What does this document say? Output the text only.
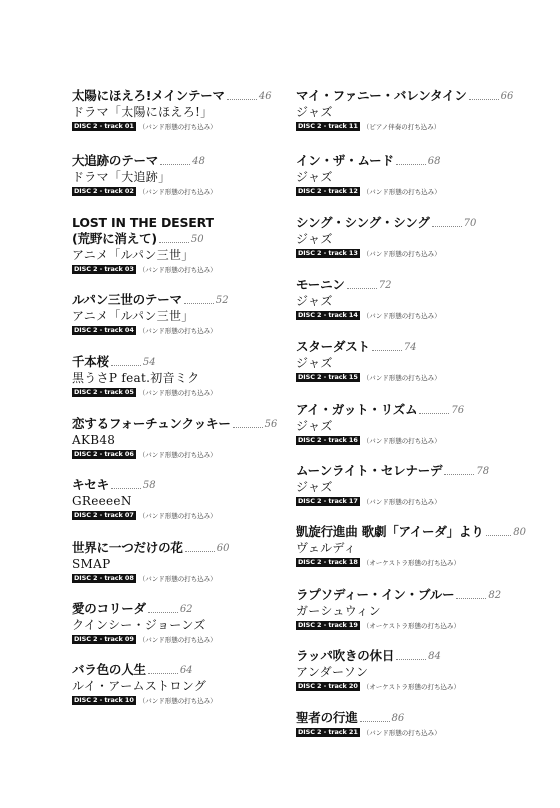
太陽にほえろ!メインテーマ	46
ドラマ「太陽にほえろ!」
DISC 2 - track 01 （バンド形態の打ち込み）
大追跡のテーマ	48
ドラマ「大追跡」
DISC 2 - track 02 （バンド形態の打ち込み）
LOST IN THE DESERT
(荒野に消えて)	50
アニメ「ルパン三世」
DISC 2 - track 03 （バンド形態の打ち込み）
ルパン三世のテーマ	52
アニメ「ルパン三世」
DISC 2 - track 04 （バンド形態の打ち込み）
千本桜	54
黒うさP feat.初音ミク
DISC 2 - track 05 （バンド形態の打ち込み）
恋するフォーチュンクッキー	56
AKB48
DISC 2 - track 06 （バンド形態の打ち込み）
キセキ	58
GReeeeN
DISC 2 - track 07 （バンド形態の打ち込み）
世界に一つだけの花	60
SMAP
DISC 2 - track 08 （バンド形態の打ち込み）
愛のコリーダ	62
クインシー・ジョーンズ
DISC 2 - track 09 （バンド形態の打ち込み）
バラ色の人生	64
ルイ・アームストロング
DISC 2 - track 10 （バンド形態の打ち込み）
マイ・ファニー・バレンタイン	66
ジャズ
DISC 2 - track 11 （ピアノ伴奏の打ち込み）
イン・ザ・ムード	68
ジャズ
DISC 2 - track 12 （バンド形態の打ち込み）
シング・シング・シング	70
ジャズ
DISC 2 - track 13 （バンド形態の打ち込み）
モーニン	72
ジャズ
DISC 2 - track 14 （バンド形態の打ち込み）
スターダスト	74
ジャズ
DISC 2 - track 15 （バンド形態の打ち込み）
アイ・ガット・リズム	76
ジャズ
DISC 2 - track 16 （バンド形態の打ち込み）
ムーンライト・セレナーデ	78
ジャズ
DISC 2 - track 17 （バンド形態の打ち込み）
凱旋行進曲 歌劇「アイーダ」より	80
ヴェルディ
DISC 2 - track 18 （オーケストラ形態の打ち込み）
ラプソディー・イン・ブルー	82
ガーシュウィン
DISC 2 - track 19 （オーケストラ形態の打ち込み）
ラッパ吹きの休日	84
アンダーソン
DISC 2 - track 20 （オーケストラ形態の打ち込み）
聖者の行進	86
DISC 2 - track 21 （バンド形態の打ち込み）
